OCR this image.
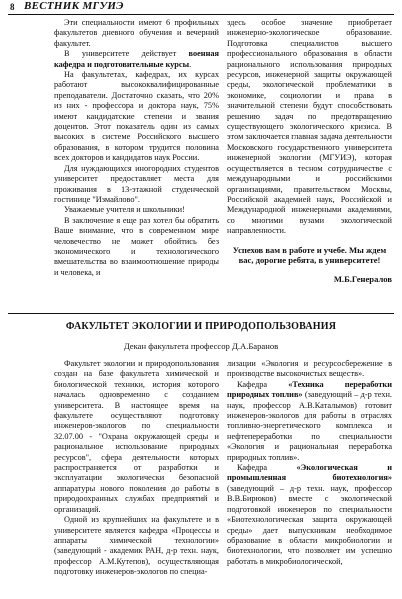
8 ВЕСТНИК МГУИЭ

Эти специальности имеют 6 профильных факультетов дневного обучения и вечерний факультет.

В университете действует военная кафедра и подготовительные курсы.

На факультетах, кафедрах, их курсах работают высококвалифицированные преподаватели. Достаточно сказать, что 20% из них - профессора и доктора наук, 75% имеют кандидатские степени и звания доцентов. Этот показатель один из самых высоких в системе Российского высшего образования, в котором трудится половина всех докторов и кандидатов наук России.

Для нуждающихся иногородних студентов университет предоставляет места для проживания в 13-этажной студенческой гостинице "Измайлово".

Уважаемые учителя и школьники!

В заключение я еще раз хотел бы обратить Ваше внимание, что в современном мире человечество не может обойтись без экономического и технологического вмешательства во взаимоотношение природы и человека, и

здесь особое значение приобретает инженерно-экологическое образование. Подготовка специалистов высшего профессионального образования в области рационального использования природных ресурсов, инженерной защиты окружающей среды, экологической проблематики в экономике, социологии и права в значительной степени будут способствовать решению задач по предотвращению существующего экологического кризиса. В этом заключается главная задача деятельности Московского государственного университета инженерной экологии (МГУИЭ), которая осуществляется в тесном сотрудничестве с международными и российскими организациями, правительством Москвы, Российской академией наук, Российской и Международной инженерными академиями, со многими вузами экологической направленности.

Успехов вам в работе и учебе. Мы ждем вас, дорогие ребята, в университете!

М.Б.Генералов

ФАКУЛЬТЕТ ЭКОЛОГИИ И ПРИРОДОПОЛЬЗОВАНИЯ
Декан факультета профессор Д.А.Баранов

Факультет экологии и природопользования создан на базе факультета химической и биологической техники, история которого началась одновременно с созданием университета. В настоящее время на факультете осуществляют подготовку инженеров-экологов по специальности 32.07.00 - "Охрана окружающей среды и рациональное использование природных ресурсов", сфера деятельности которых распространяется от разработки и эксплуатации экологически безопасной аппаратуры нового поколения до работы в природоохранных службах предприятий и организаций.

Одной из крупнейших на факультете и в университете является кафедра «Процессы и аппараты химической технологии» (заведующий - академик РАН, д-р техн. наук, профессор А.М.Кутепов), осуществляющая подготовку инженеров-экологов по специа-

лизации «Экология и ресурсосбережение в производстве высокочистых веществ».

Кафедра «Техника переработки природных топлив» (заведующий – д-р техн. наук, профессор А.В.Каталымов) готовит инженеров-экологов для работы в отраслях топливно-энергетического комплекса и нефтепереработки по специальности «Экология и рациональная переработка природных топлив».

Кафедра «Экологическая и промышленная биотехнология» (заведующий – д-р техн. наук, профессор В.В.Бирюков) вместе с экологической подготовкой инженеров по специальности «Биотехнологическая защита окружающей среды» дает выпускникам необходимое образование в области микробиологии и биотехнологии, что позволяет им успешно работать в микробиологической,
